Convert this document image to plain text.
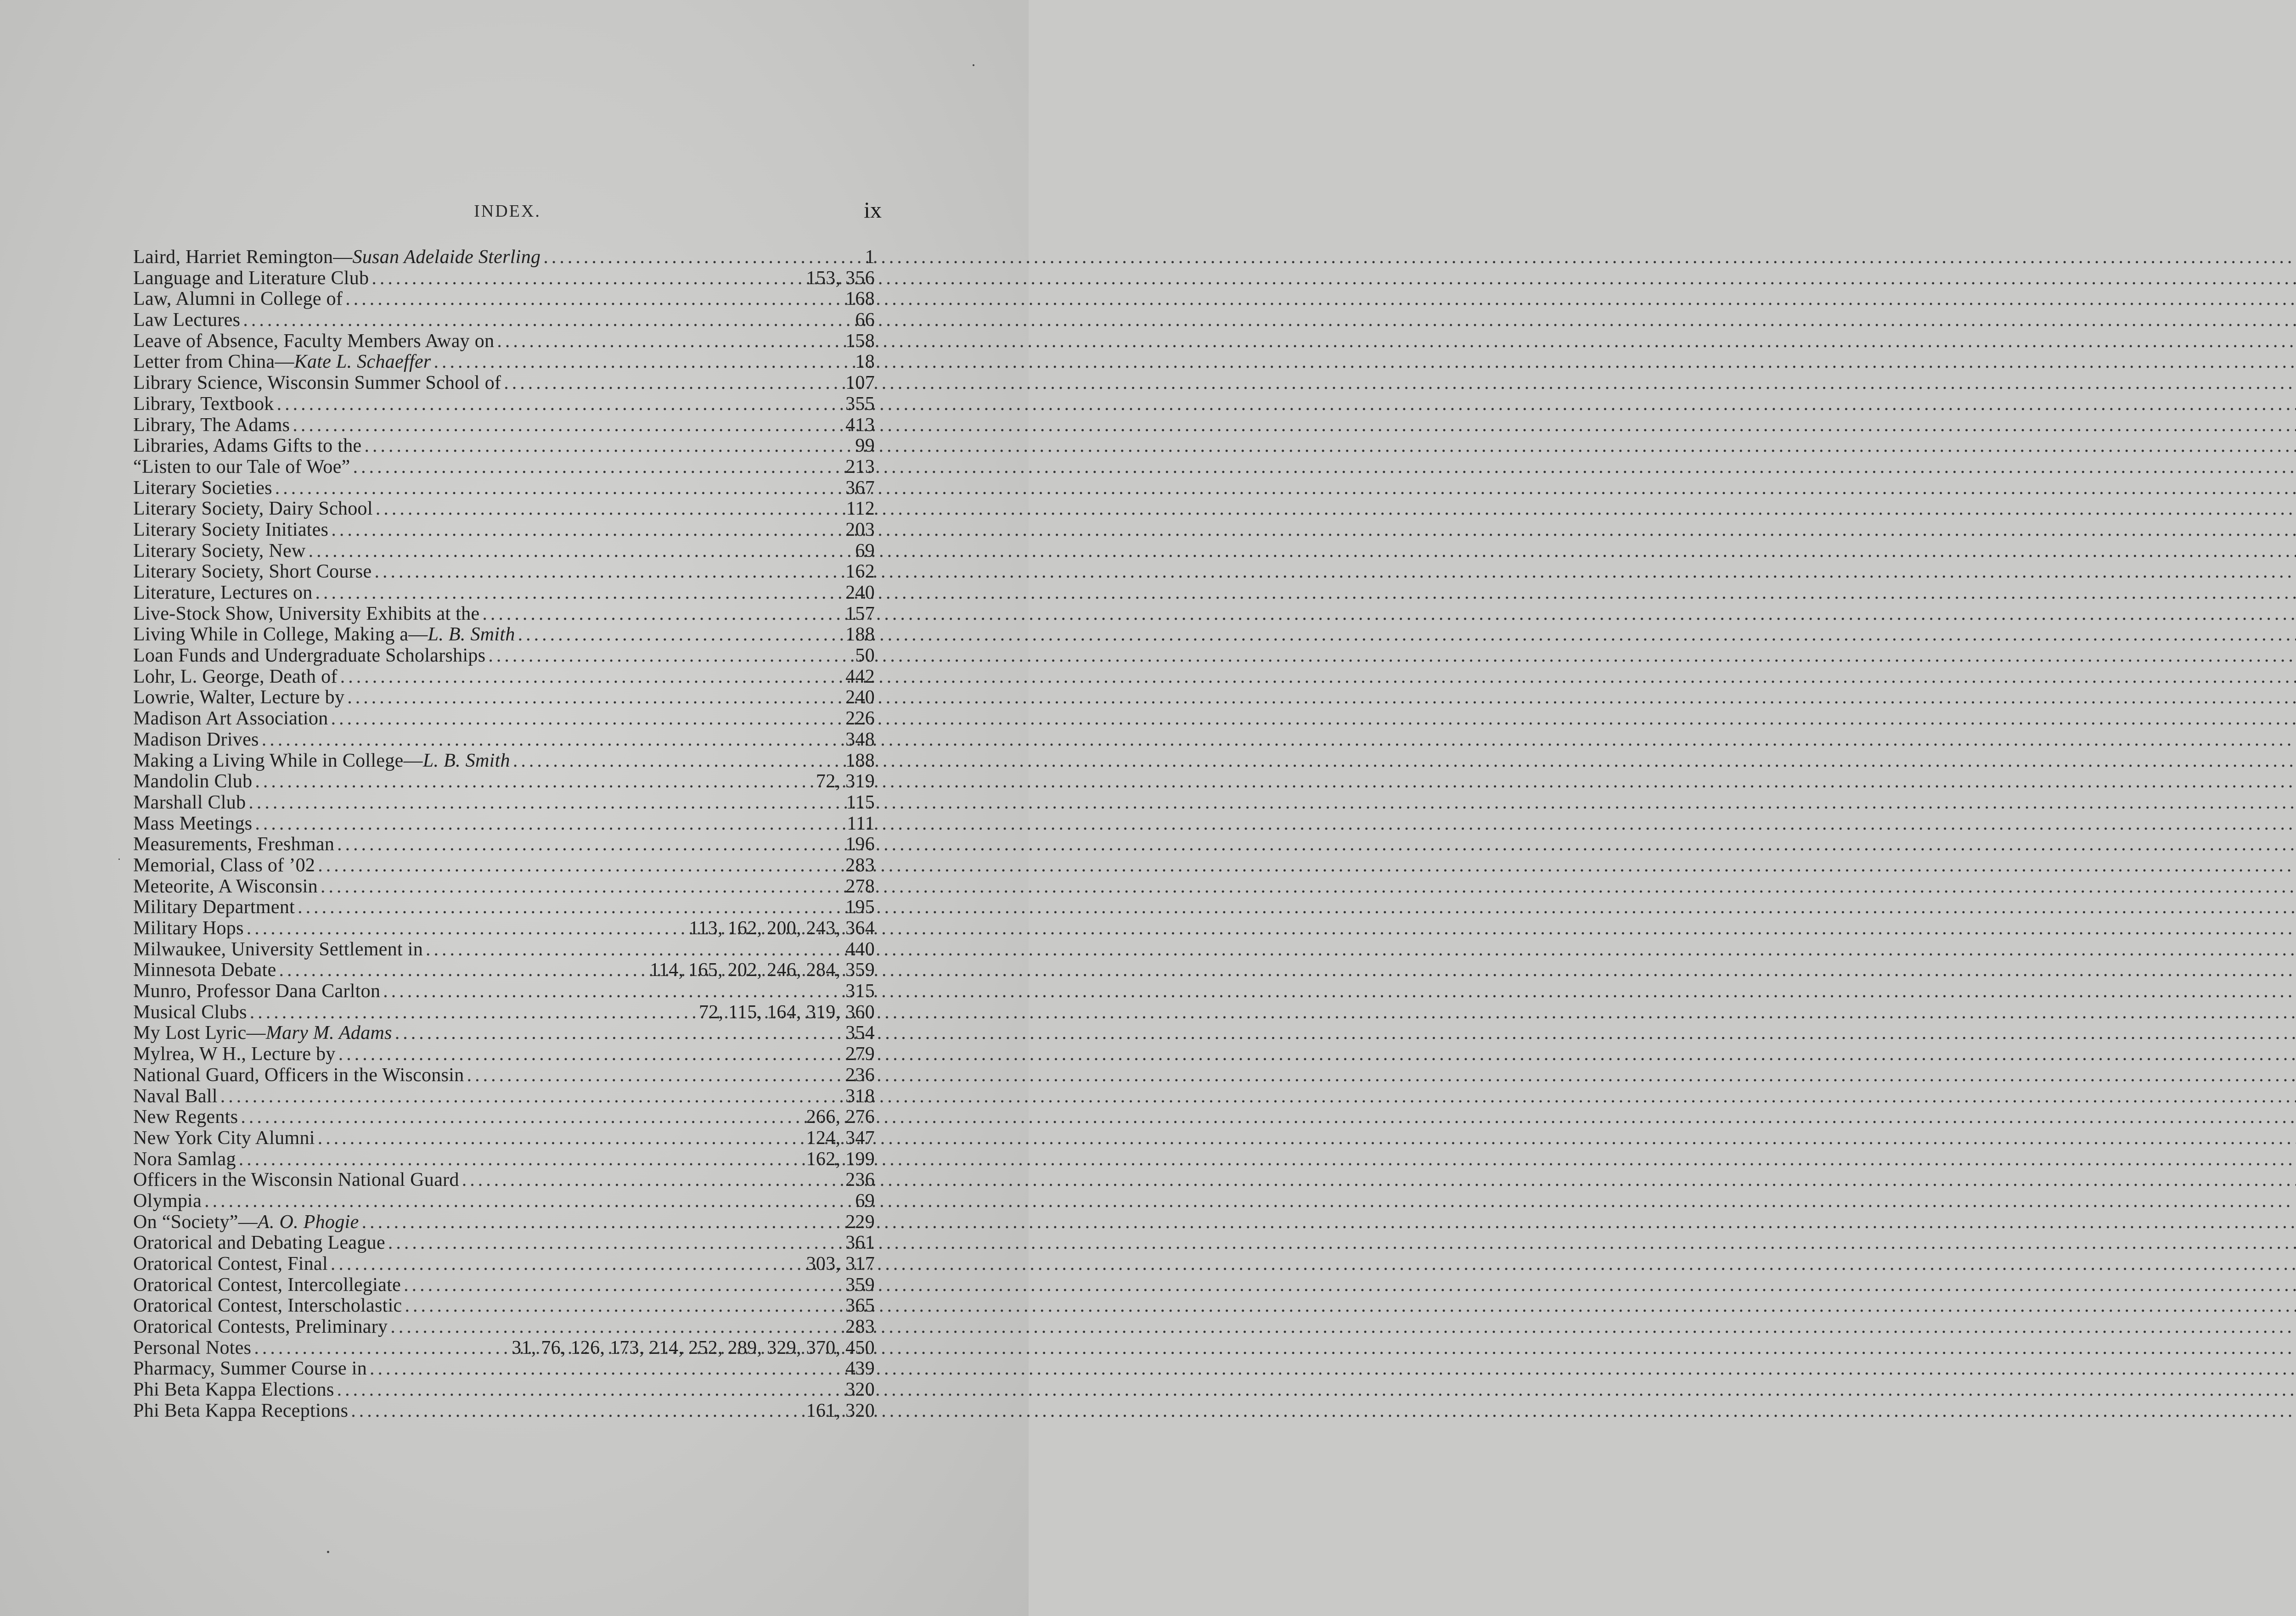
INDEX.	ix
Laird, Harriet Remington—Susan Adelaide Sterling .....	1
Language and Literature Club .....	153, 356
Law, Alumni in College of .....	168
Law Lectures .....	66
Leave of Absence, Faculty Members Away on .....	158
Letter from China—Kate L. Schaeffer .....	18
Library Science, Wisconsin Summer School of .....	107
Library, Textbook .....	355
Library, The Adams .....	413
Libraries, Adams Gifts to the .....	99
“Listen to our Tale of Woe” .....	213
Literary Societies .....	367
Literary Society, Dairy School .....	112
Literary Society Initiates .....	203
Literary Society, New .....	69
Literary Society, Short Course .....	162
Literature, Lectures on .....	240
Live-Stock Show, University Exhibits at the .....	157
Living While in College, Making a—L. B. Smith .....	188
Loan Funds and Undergraduate Scholarships .....	50
Lohr, L. George, Death of .....	442
Lowrie, Walter, Lecture by .....	240
Madison Art Association .....	226
Madison Drives .....	348
Making a Living While in College—L. B. Smith .....	188
Mandolin Club .....	72, 319
Marshall Club .....	115
Mass Meetings .....	111
Measurements, Freshman .....	196
Memorial, Class of ’02 .....	283
Meteorite, A Wisconsin .....	278
Military Department .....	195
Military Hops .....	113, 162, 200, 243, 364
Milwaukee, University Settlement in .....	440
Minnesota Debate .....	114, 165, 202, 246, 284, 359
Munro, Professor Dana Carlton .....	315
Musical Clubs .....	72, 115, 164, 319, 360
My Lost Lyric—Mary M. Adams .....	354
Mylrea, W H., Lecture by .....	279
National Guard, Officers in the Wisconsin .....	236
Naval Ball .....	318
New Regents .....	266, 276
New York City Alumni .....	124, 347
Nora Samlag .....	162, 199
Officers in the Wisconsin National Guard .....	236
Olympia .....	69
On “Society”—A. O. Phogie .....	229
Oratorical and Debating League .....	361
Oratorical Contest, Final .....	303, 317
Oratorical Contest, Intercollegiate .....	359
Oratorical Contest, Interscholastic .....	365
Oratorical Contests, Preliminary .....	283
Personal Notes .....	31, 76, 126, 173, 214, 252, 289, 329, 370, 450
Pharmacy, Summer Course in .....	439
Phi Beta Kappa Elections .....	320
Phi Beta Kappa Receptions .....	161, 320
